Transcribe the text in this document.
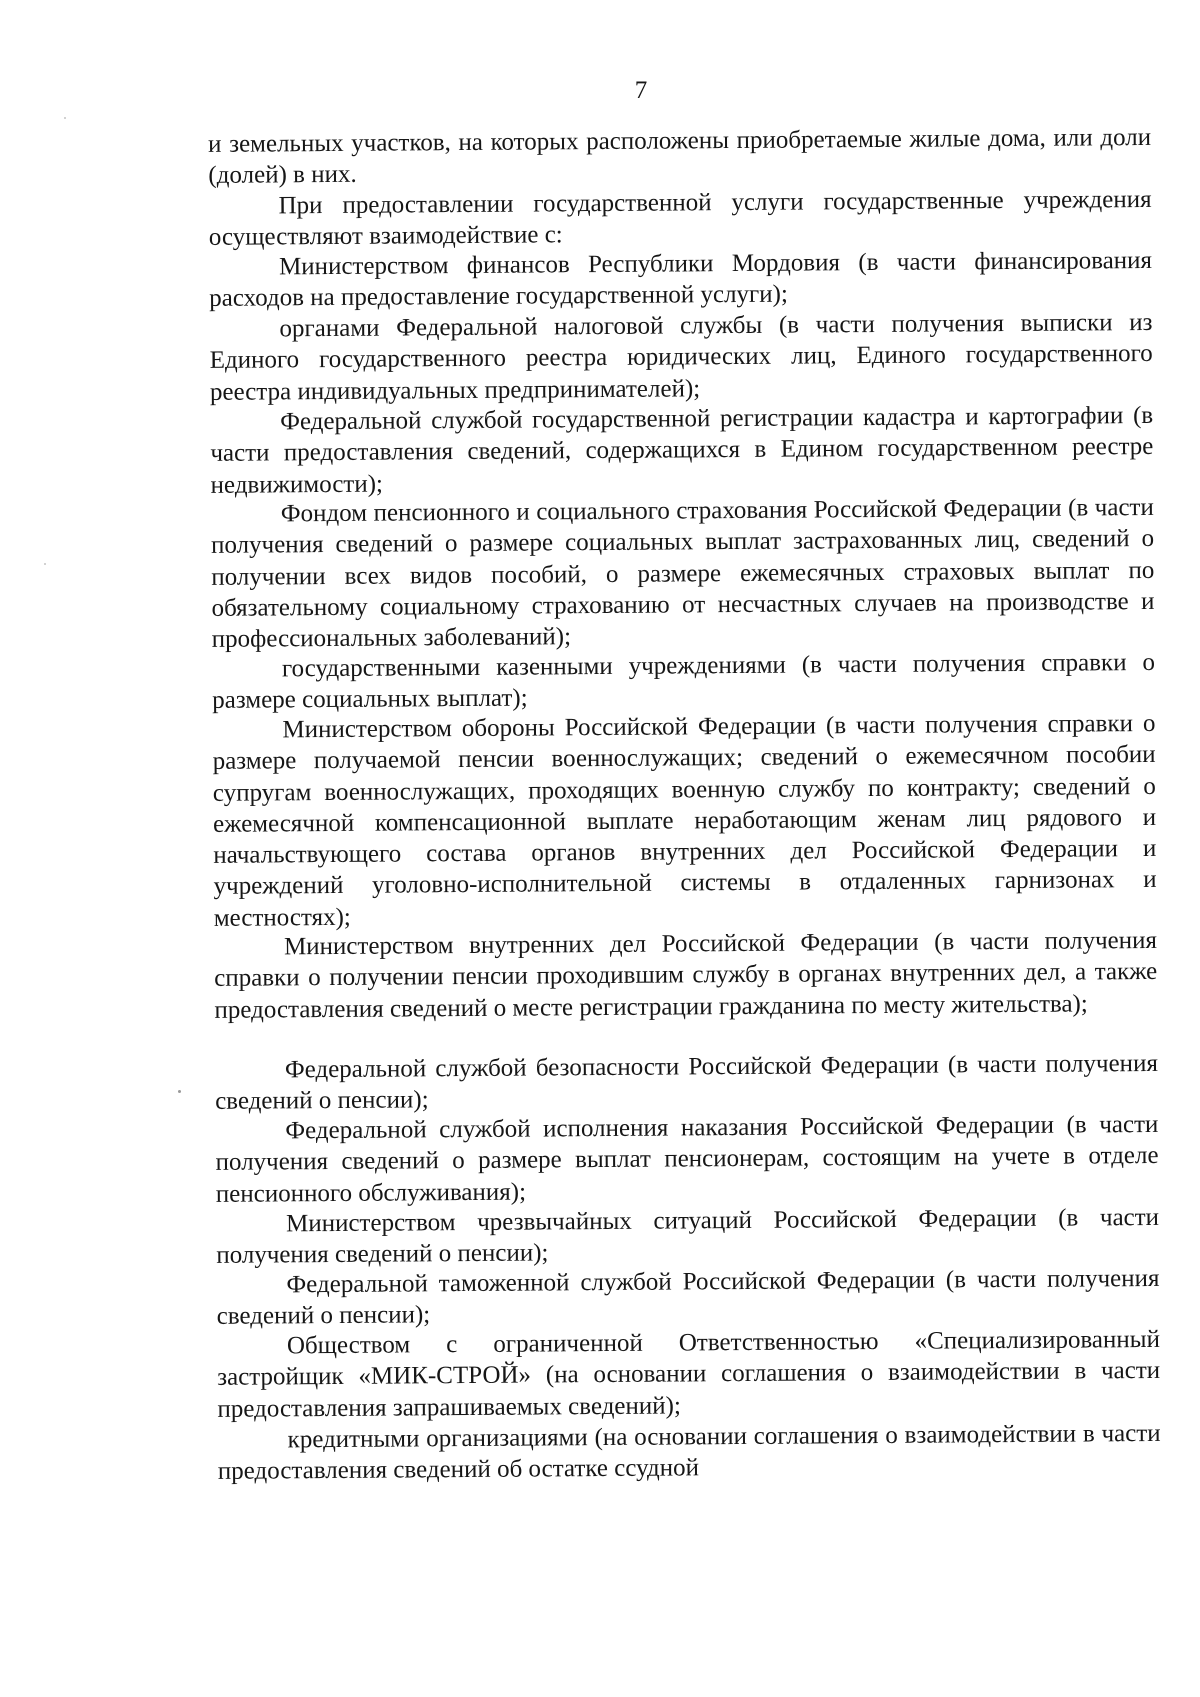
7

и земельных участков, на которых расположены приобретаемые жилые дома, или доли (долей) в них.

При предоставлении государственной услуги государственные учреждения осуществляют взаимодействие с:

Министерством финансов Республики Мордовия (в части финансирования расходов на предоставление государственной услуги);

органами Федеральной налоговой службы (в части получения выписки из Единого государственного реестра юридических лиц, Единого государственного реестра индивидуальных предпринимателей);

Федеральной службой государственной регистрации кадастра и картографии (в части предоставления сведений, содержащихся в Едином государственном реестре недвижимости);

Фондом пенсионного и социального страхования Российской Федерации (в части получения сведений о размере социальных выплат застрахованных лиц, сведений о получении всех видов пособий, о размере ежемесячных страховых выплат по обязательному социальному страхованию от несчастных случаев на производстве и профессиональных заболеваний);

государственными казенными учреждениями (в части получения справки о размере социальных выплат);

Министерством обороны Российской Федерации (в части получения справки о размере получаемой пенсии военнослужащих; сведений о ежемесячном пособии супругам военнослужащих, проходящих военную службу по контракту; сведений о ежемесячной компенсационной выплате неработающим женам лиц рядового и начальствующего состава органов внутренних дел Российской Федерации и учреждений уголовно-исполнительной системы в отдаленных гарнизонах и местностях);

Министерством внутренних дел Российской Федерации (в части получения справки о получении пенсии проходившим службу в органах внутренних дел, а также предоставления сведений о месте регистрации гражданина по месту жительства);

Федеральной службой безопасности Российской Федерации (в части получения сведений о пенсии);

Федеральной службой исполнения наказания Российской Федерации (в части получения сведений о размере выплат пенсионерам, состоящим на учете в отделе пенсионного обслуживания);

Министерством чрезвычайных ситуаций Российской Федерации (в части получения сведений о пенсии);

Федеральной таможенной службой Российской Федерации (в части получения сведений о пенсии);

Обществом с ограниченной Ответственностью «Специализированный застройщик «МИК-СТРОЙ» (на основании соглашения о взаимодействии в части предоставления запрашиваемых сведений);

кредитными организациями (на основании соглашения о взаимодействии в части предоставления сведений об остатке ссудной
